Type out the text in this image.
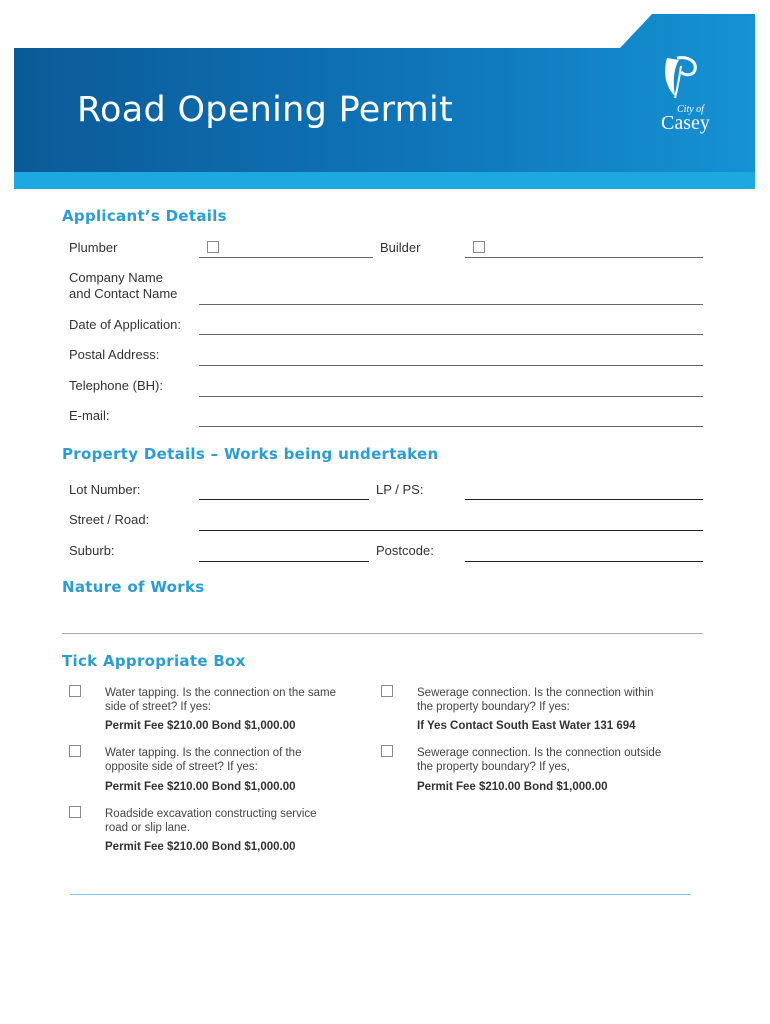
Road Opening Permit	City of
Casey
Applicant’s Details
Plumber	Builder
Company Name
and Contact Name
Date of Application:
Postal Address:
Telephone (BH):
E-mail:
Property Details – Works being undertaken
Lot Number:	LP / PS:
Street / Road:
Suburb:	Postcode:
Nature of Works
Tick Appropriate Box
Water tapping. Is the connection on the same
side of street? If yes:
Permit Fee $210.00 Bond $1,000.00
Water tapping. Is the connection of the
opposite side of street? If yes:
Permit Fee $210.00 Bond $1,000.00
Roadside excavation constructing service
road or slip lane.
Permit Fee $210.00 Bond $1,000.00
Sewerage connection. Is the connection within
the property boundary? If yes:
If Yes Contact South East Water 131 694
Sewerage connection. Is the connection outside
the property boundary? If yes,
Permit Fee $210.00 Bond $1,000.00
